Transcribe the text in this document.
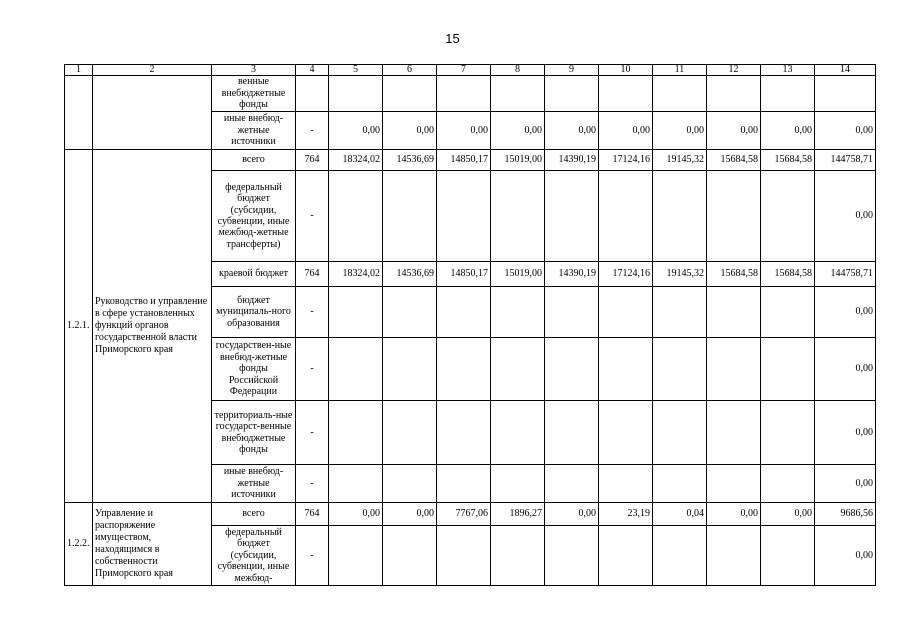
15
1	2	3	4	5	6	7	8	9	10	11	12	13	14
		венные внебюджетные фонды											
		иные внебюд-жетные источники	-	0,00	0,00	0,00	0,00	0,00	0,00	0,00	0,00	0,00	0,00
1.2.1.	Руководство и управление в сфере установленных функций органов государственной власти Приморского края	всего	764	18324,02	14536,69	14850,17	15019,00	14390,19	17124,16	19145,32	15684,58	15684,58	144758,71
		федеральный бюджет (субсидии, субвенции, иные межбюд-жетные трансферты)	-										0,00
		краевой бюджет	764	18324,02	14536,69	14850,17	15019,00	14390,19	17124,16	19145,32	15684,58	15684,58	144758,71
		бюджет муниципаль-ного образования	-										0,00
		государствен-ные внебюд-жетные фонды Российской Федерации	-										0,00
		территориаль-ные государст-венные внебюджетные фонды	-										0,00
		иные внебюд-жетные источники	-										0,00
1.2.2.	Управление и распоряжение имуществом, находящимся в собственности Приморского края	всего	764	0,00	0,00	7767,06	1896,27	0,00	23,19	0,04	0,00	0,00	9686,56
		федеральный бюджет (субсидии, субвенции, иные межбюд-	-										0,00
